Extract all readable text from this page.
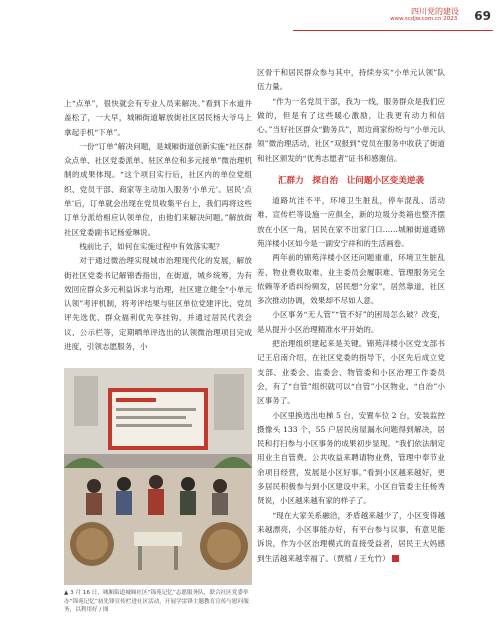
四川党的建设
www.scdjw.com.cn 2023. 69

上“点单”，很快就会有专业人员来解决。”看到下水道井盖松了，一大早，城厢街道解放街社区居民杨大爷马上拿起手机“下单”。

一份“订单”解决问题，是城厢街道创新实施“社区群众点单、社区党委派单、驻区单位和多元接单”微治理机制的成果体现。“这个项目实行后，社区内的单位党组织、党员干部、商家等主动加入服务‘小单元’。居民‘点单’后，订单就会出现在党员收集平台上，我们再将这些订单分派给相应认领单位，由他们来解决问题。”解放街社区党委副书记杨爱琳说。

栈前比子，如何在实施过程中有效落实呢？

对于通过微治理实现城市治理现代化的发展，解放街社区党委书记解锦香指出，在街道，城乡统筹，为有效回应群众多元利益诉求与治理，社区建立健全“小单元认领”考评机制，将考评结果与驻区单位党建评比、党员评先选优、群众福利优先享挂钩，并通过居民代表会议、公示栏等，定期晒单评选出的认领微治理项目完成进度，引领志愿服务，小

区骨干和居民群众参与其中，持续夯实“小单元认领”队伍力量。

“作为一名党员干部，我为一线，服务群众是我们应做的，但是有了这些暖心激励，让我更有动力和信心。”当好社区群众“勤务兵”，周边商家纷纷与“小单元认领”微治理活动，社区“双报到”党员在服务中收获了街道和社区颁发的“优秀志愿者”证书和感谢信。

汇群力　探自治　让问题小区变美逆袭

道路坑洼不平，环境卫生脏乱，停车混乱、活动难、宣传栏等设施一应俱全，新的垃圾分类箱也整齐摆放在小区一角，居民在家不出家门口……城厢街道通锦苑洋楼小区如今是一副安宁祥和的生活画卷。

两年前的锦苑洋楼小区还问题重重，环境卫生脏乱差、物业费收取难、业主委员会履职难、管理服务完全依赖等矛盾纠纷频发，居民想“分家”，居然靠道，社区多次推动协调，效果却不尽如人意。

小区事务“无人管”“管不好”的困局怎么破？改变，是从提升小区治理精准水平开始的。

把治理组织建起来是关键。锦苑洋楼小区党支部书记王启南介绍，在社区党委的指导下，小区先后成立党支部、业委会、监委会、物管委和小区治理工作委员会，有了“自管”组织就可以“自管”小区物业、“自治”小区事务了。

小区里换选出电梯 5 台，安置车位 2 台，安装监控摄像头 133 个，55 户居民房屋漏水问题得到解决，居民和打扫参与小区事务的成果初步显现。“我们依法制定用业主自管费、公共收益来聘请物业费，管理中奉节业余项目经营，发展是小区好事。”看到小区越来越好，更多居民积极参与到小区建设中来，小区自管委主任杨秀贤说，小区越来越有家的样子了。

“现在大家关系融洽，矛盾越来越少了，小区变得越来越漂亮，小区事能办好，有平台参与议事，有意见能诉说，作为小区治理模式的直接受益者，居民王大妈感到生活越来越幸福了。（贾植 / 王允竹）	⊡

▲ 3 月 16 日，城厢街道城厢社区“锦苑记忆”志愿服务队，联合社区党委举办“锦苑记忆”初先锋宣传栏进社区活动，开展学雷锋主题教育宣传与慰问服务，以利用好 / 图　
